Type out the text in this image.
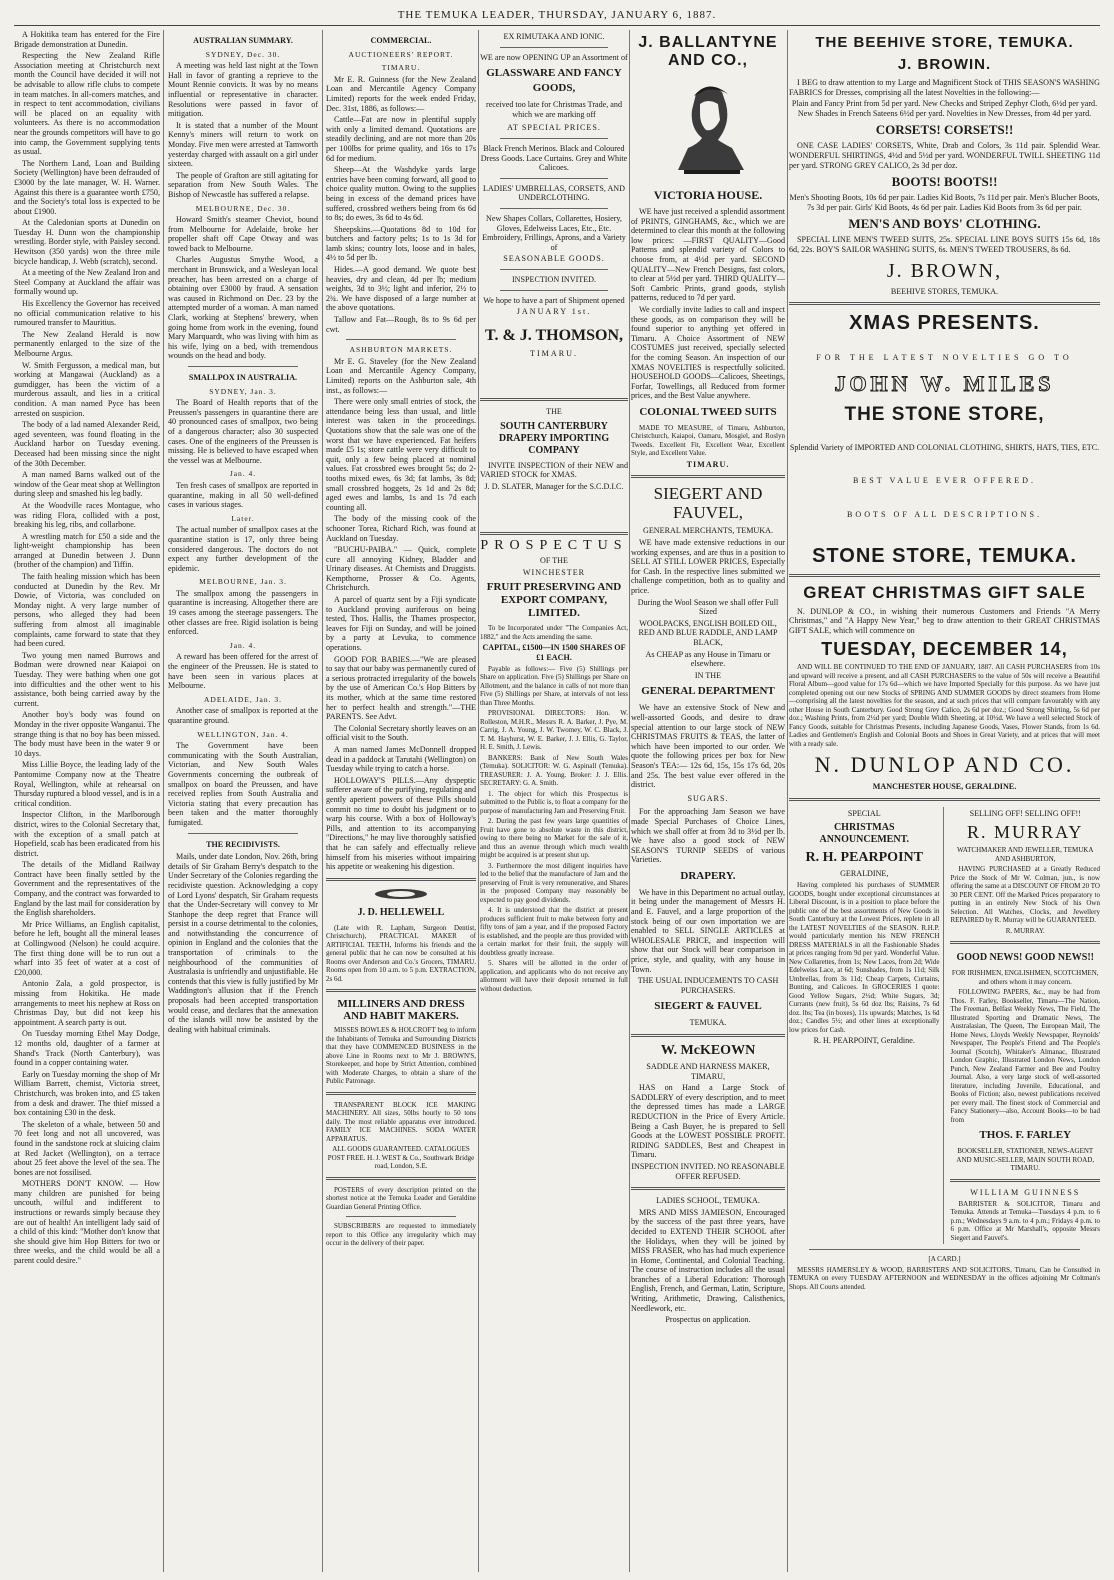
THE TEMUKA LEADER, THURSDAY, JANUARY 6, 1887.

A Hokitika team has entered for the Fire Brigade demonstration at Dunedin.

Respecting the New Zealand Rifle Association meeting at Christchurch next month the Council have decided it will not be advisable to allow rifle clubs to compete in team matches. In all-comers matches, and in respect to tent accommodation, civilians will be placed on an equality with volunteers. As there is no accommodation near the grounds competitors will have to go into camp, the Government supplying tents as usual.

The Northern Land, Loan and Building Society (Wellington) have been defrauded of £3000 by the late manager, W. H. Warner. Against this there is a guarantee worth £750, and the Society's total loss is expected to be about £1900.

At the Caledonian sports at Dunedin on Tuesday H. Dunn won the championship wrestling. Border style, with Paisley second. Hewitson (350 yards) won the three mile bicycle handicap, J. Webb (scratch), second.

At a meeting of the New Zealand Iron and Steel Company at Auckland the affair was formally wound up.

His Excellency the Governor has received no official communication relative to his rumoured transfer to Mauritius.

The New Zealand Herald is now permanently enlarged to the size of the Melbourne Argus.

W. Smith Fergusson, a medical man, but working at Mangawai (Auckland) as a gumdigger, has been the victim of a murderous assault, and lies in a critical condition. A man named Pyce has been arrested on suspicion.

The body of a lad named Alexander Reid, aged seventeen, was found floating in the Auckland harbor on Tuesday evening. Deceased had been missing since the night of the 30th December.

A man named Barns walked out of the window of the Gear meat shop at Wellington during sleep and smashed his leg badly.

At the Woodville races Montague, who was riding Flora, collided with a post, breaking his leg, ribs, and collarbone.

A wrestling match for £50 a side and the light-weight championship has been arranged at Dunedin between J. Dunn (brother of the champion) and Tiffin.

The faith healing mission which has been conducted at Dunedin by the Rev. Mr Dowie, of Victoria, was concluded on Monday night. A very large number of persons, who alleged they had been suffering from almost all imaginable complaints, came forward to state that they had been cured.

Two young men named Burrows and Bodman were drowned near Kaiapoi on Tuesday. They were bathing when one got into difficulties and the other went to his assistance, both being carried away by the current.

Another boy's body was found on Monday in the river opposite Wanganui. The strange thing is that no boy has been missed. The body must have been in the water 9 or 10 days.

Miss Lillie Boyce, the leading lady of the Pantomime Company now at the Theatre Royal, Wellington, while at rehearsal on Thursday ruptured a blood vessel, and is in a critical condition.

Inspector Clifton, in the Marlborough district, wires to the Colonial Secretary that, with the exception of a small patch at Hopefield, scab has been eradicated from his district.

The details of the Midland Railway Contract have been finally settled by the Government and the representatives of the Company, and the contract was forwarded to England by the last mail for consideration by the English shareholders.

Mr Price Williams, an English capitalist, before he left, bought all the mineral leases at Collingwood (Nelson) he could acquire. The first thing done will be to run out a wharf into 35 feet of water at a cost of £20,000.

Antonio Zala, a gold prospector, is missing from Hokitika. He made arrangements to meet his nephew at Ross on Christmas Day, but did not keep his appointment. A search party is out.

On Tuesday morning Ethel May Dodge, 12 months old, daughter of a farmer at Shand's Track (North Canterbury), was found in a copper containing water.

Early on Tuesday morning the shop of Mr William Barrett, chemist, Victoria street, Christchurch, was broken into, and £5 taken from a desk and drawer. The thief missed a box containing £30 in the desk.

The skeleton of a whale, between 50 and 70 feet long and not all uncovered, was found in the sandstone rock at sluicing claim at Red Jacket (Wellington), on a terrace about 25 feet above the level of the sea. The bones are not fossilised.

MOTHERS DON'T KNOW. — How many children are punished for being uncouth, wilful and indifferent to instructions or rewards simply because they are out of health! An intelligent lady said of a child of this kind: "Mother don't know that she should give him Hop Bitters for two or three weeks, and the child would be all a parent could desire."

AUSTRALIAN SUMMARY.
SYDNEY, Dec. 30.

A meeting was held last night at the Town Hall in favor of granting a reprieve to the Mount Rennie convicts. It was by no means influential or representative in character. Resolutions were passed in favor of mitigation.

It is stated that a number of the Mount Kenny's miners will return to work on Monday. Five men were arrested at Tamworth yesterday charged with assault on a girl under sixteen.

The people of Grafton are still agitating for separation from New South Wales. The Bishop of Newcastle has suffered a relapse.

MELBOURNE, Dec. 30.

Howard Smith's steamer Cheviot, bound from Melbourne for Adelaide, broke her propeller shaft off Cape Otway and was towed back to Melbourne.

Charles Augustus Smythe Wood, a merchant in Brunswick, and a Wesleyan local preacher, has been arrested on a charge of obtaining over £3000 by fraud. A sensation was caused in Richmond on Dec. 23 by the attempted murder of a woman. A man named Clark, working at Stephens' brewery, when going home from work in the evening, found Mary Marquardt, who was living with him as his wife, lying on a bed, with tremendous wounds on the head and body.

SMALLPOX IN AUSTRALIA.
SYDNEY, Jan. 3.

The Board of Health reports that of the Preussen's passengers in quarantine there are 40 pronounced cases of smallpox, two being of a dangerous character; also 30 suspected cases. One of the engineers of the Preussen is missing. He is believed to have escaped when the vessel was at Melbourne.

Jan. 4.

Ten fresh cases of smallpox are reported in quarantine, making in all 50 well-defined cases in various stages.

Later.

The actual number of smallpox cases at the quarantine station is 17, only three being considered dangerous. The doctors do not expect any further development of the epidemic.

MELBOURNE, Jan. 3.

The smallpox among the passengers in quarantine is increasing. Altogether there are 19 cases among the steerage passengers. The other classes are free. Rigid isolation is being enforced.

Jan. 4.

A reward has been offered for the arrest of the engineer of the Preussen. He is stated to have been seen in various places at Melbourne.

ADELAIDE, Jan. 3.

Another case of smallpox is reported at the quarantine ground.

WELLINGTON, Jan. 4.

The Government have been communicating with the South Australian, Victorian, and New South Wales Governments concerning the outbreak of smallpox on board the Preussen, and have received replies from South Australia and Victoria stating that every precaution has been taken and the matter thoroughly fumigated.

THE RECIDIVISTS.

Mails, under date London, Nov. 26th, bring details of Sir Graham Berry's despatch to the Under Secretary of the Colonies regarding the recidiviste question. Acknowledging a copy of Lord Lyons' despatch, Sir Graham requests that the Under-Secretary will convey to Mr Stanhope the deep regret that France will persist in a course detrimental to the colonies, and notwithstanding the concurrence of opinion in England and the colonies that the transportation of criminals to the neighbourhood of the communities of Australasia is unfriendly and unjustifiable. He contends that this view is fully justified by Mr Waddington's allusion that if the French proposals had been accepted transportation would cease, and declares that the annexation of the islands will now be assisted by the dealing with habitual criminals.

COMMERCIAL.
AUCTIONEERS' REPORT.
TIMARU.

Mr E. R. Guinness (for the New Zealand Loan and Mercantile Agency Company Limited) reports for the week ended Friday, Dec. 31st, 1886, as follows:—

Cattle—Fat are now in plentiful supply with only a limited demand. Quotations are steadily declining, and are not more than 20s per 100lbs for prime quality, and 16s to 17s 6d for medium.

Sheep—At the Washdyke yards large entries have been coming forward, all good to choice quality mutton. Owing to the supplies being in excess of the demand prices have suffered, crossbred wethers being from 6s 6d to 8s; do ewes, 3s 6d to 4s 6d.

Sheepskins.—Quotations 8d to 10d for butchers and factory pelts; 1s to 1s 3d for lamb skins; country lots, loose and in bales, 4½ to 5d per lb.

Hides.—A good demand. We quote best heavies, dry and clean, 4d per lb; medium weights, 3d to 3½; light and inferior, 2½ to 2¾. We have disposed of a large number at the above quotations.

Tallow and Fat—Rough, 8s to 9s 6d per cwt.

ASHBURTON MARKETS.

Mr E. G. Staveley (for the New Zealand Loan and Mercantile Agency Company, Limited) reports on the Ashburton sale, 4th inst., as follows:—

There were only small entries of stock, the attendance being less than usual, and little interest was taken in the proceedings. Quotations show that the sale was one of the worst that we have experienced. Fat heifers made £5 1s; store cattle were very difficult to quit, only a few being placed at nominal values. Fat crossbred ewes brought 5s; do 2-tooths mixed ewes, 6s 3d; fat lambs, 3s 8d; small crossbred hoggets, 2s 1d and 2s 8d; aged ewes and lambs, 1s and 1s 7d each counting all.

The body of the missing cook of the schooner Torea, Richard Rich, was found at Auckland on Tuesday.

"BUCHU-PAIBA." — Quick, complete cure all annoying Kidney, Bladder and Urinary diseases. At Chemists and Druggists. Kempthorne, Prosser & Co. Agents, Christchurch.

A parcel of quartz sent by a Fiji syndicate to Auckland proving auriferous on being tested, Thos. Hallis, the Thames prospector, leaves for Fiji on Sunday, and will be joined by a party at Levuka, to commence operations.

GOOD FOR BABIES.—"We are pleased to say that our baby was permanently cured of a serious protracted irregularity of the bowels by the use of American Co.'s Hop Bitters by its mother, which at the same time restored her to perfect health and strength."—THE PARENTS. See Advt.

The Colonial Secretary shortly leaves on an official visit to the South.

A man named James McDonnell dropped dead in a paddock at Tarutahi (Wellington) on Tuesday while trying to catch a horse.

HOLLOWAY'S PILLS.—Any dyspeptic sufferer aware of the purifying, regulating and gently aperient powers of these Pills should commit no time to doubt his judgment or to warp his course. With a box of Holloway's Pills, and attention to its accompanying "Directions," he may live thoroughly satisfied that he can safely and effectually relieve himself from his miseries without impairing his appetite or weakening his digestion.

J. D. HELLEWELL

(Late with R. Lapham, Surgeon Dentist, Christchurch), PRACTICAL MAKER of ARTIFICIAL TEETH, Informs his friends and the general public that he can now be consulted at his Rooms over Anderson and Co.'s Grocers, TIMARU. Rooms open from 10 a.m. to 5 p.m. EXTRACTION, 2s 6d.

MILLINERS AND DRESS AND HABIT MAKERS.

MISSES BOWLES & HOLCROFT beg to inform the Inhabitants of Temuka and Surrounding Districts that they have COMMENCED BUSINESS in the above Line in Rooms next to Mr J. BROWN'S, Storekeeper, and hope by Strict Attention, combined with Moderate Charges, to obtain a share of the Public Patronage.

TRANSPARENT BLOCK ICE MAKING MACHINERY. All sizes, 50lbs hourly to 50 tons daily. The most reliable apparatus ever introduced. FAMILY ICE MACHINES. SODA WATER APPARATUS.

ALL GOODS GUARANTEED. CATALOGUES POST FREE. H. J. WEST & Co., Southwark Bridge road, London, S.E.

POSTERS of every description printed on the shortest notice at the Temuka Leader and Geraldine Guardian General Printing Office.

SUBSCRIBERS are requested to immediately report to this Office any irregularity which may occur in the delivery of their paper.

EX RIMUTAKA AND IONIC.

WE are now OPENING UP an Assortment of

GLASSWARE AND FANCY GOODS,

received too late for Christmas Trade, and which we are marking off

AT SPECIAL PRICES.

Black French Merinos. Black and Coloured Dress Goods. Lace Curtains. Grey and White Calicoes.

LADIES' UMBRELLAS, CORSETS, AND UNDERCLOTHING.

New Shapes Collars, Collarettes, Hosiery, Gloves, Edelweiss Laces, Etc., Etc. Embroidery, Frillings, Aprons, and a Variety of

SEASONABLE GOODS.
INSPECTION INVITED.

We hope to have a part of Shipment opened

JANUARY 1st.
T. & J. THOMSON,
TIMARU.
THE
SOUTH CANTERBURY DRAPERY IMPORTING COMPANY

INVITE INSPECTION of their NEW and VARIED STOCK for XMAS.

J. D. SLATER, Manager for the S.C.D.I.C.

PROSPECTUS
OF THE
WINCHESTER
FRUIT PRESERVING AND EXPORT COMPANY, LIMITED.

To be Incorporated under "The Companies Act, 1882," and the Acts amending the same.

CAPITAL, £1500—IN 1500 SHARES OF £1 EACH.

Payable as follows:— Five (5) Shillings per Share on application. Five (5) Shillings per Share on Allotment, and the balance in calls of not more than Five (5) Shillings per Share, at intervals of not less than Three Months.

PROVISIONAL DIRECTORS: Hon. W. Rolleston, M.H.R., Messrs R. A. Barker, J. Pye, M. Carrig, J. A. Young, J. W. Twomey, W. C. Black, J. T. M. Hayhurst, W. E. Barker, J. J. Ellis, G. Taylor, H. E. Smith, J. Lewis.

BANKERS: Bank of New South Wales (Temuka). SOLICITOR: W. G. Aspinall (Temuka). TREASURER: J. A. Young. Broker: J. J. Ellis. SECRETARY: G. A. Smith.

1. The object for which this Prospectus is submitted to the Public is, to float a company for the purpose of manufacturing Jam and Preserving Fruit.

2. During the past few years large quantities of Fruit have gone to absolute waste in this district, owing to there being no Market for the sale of it, and thus an avenue through which much wealth might be acquired is at present shut up.

3. Furthermore the most diligent inquiries have led to the belief that the manufacture of Jam and the preserving of Fruit is very remunerative, and Shares in the proposed Company may reasonably be expected to pay good dividends.

4. It is understood that the district at present produces sufficient fruit to make between forty and fifty tons of jam a year, and if the proposed Factory is established, and the people are thus provided with a certain market for their fruit, the supply will doubtless greatly increase.

5. Shares will be allotted in the order of application, and applicants who do not receive any allotment will have their deposit returned in full without deduction.

J. BALLANTYNE AND CO.,
VICTORIA HOUSE.

WE have just received a splendid assortment of PRINTS, GINGHAMS, &c., which we are determined to clear this month at the following low prices: —FIRST QUALITY—Good Patterns and splendid variety of Colors to choose from, at 4½d per yard. SECOND QUALITY—New French Designs, fast colors, to clear at 5½d per yard. THIRD QUALITY—Soft Cambric Prints, grand goods, stylish patterns, reduced to 7d per yard.

We cordially invite ladies to call and inspect these goods, as on comparison they will be found superior to anything yet offered in Timaru. A Choice Assortment of NEW COSTUMES just received, specially selected for the coming Season. An inspection of our XMAS NOVELTIES is respectfully solicited. HOUSEHOLD GOODS—Calicoes, Sheetings, Forfar, Towellings, all Reduced from former prices, and the Best Value anywhere.

COLONIAL TWEED SUITS

MADE TO MEASURE, of Timaru, Ashburton, Christchurch, Kaiapoi, Oamaru, Mosgiel, and Roslyn Tweeds. Excellent Fit, Excellent Wear, Excellent Style, and Excellent Value.

TIMARU.
SIEGERT AND FAUVEL,
GENERAL MERCHANTS, TEMUKA.

WE have made extensive reductions in our working expenses, and are thus in a position to SELL AT STILL LOWER PRICES, Especially for Cash. In the respective lines submitted we challenge competition, both as to quality and price.

During the Wool Season we shall offer Full Sized

WOOLPACKS, ENGLISH BOILED OIL, RED AND BLUE RADDLE, AND LAMP BLACK,

As CHEAP as any House in Timaru or elsewhere.

IN THE
GENERAL DEPARTMENT

We have an extensive Stock of New and well-assorted Goods, and desire to draw special attention to our large stock of NEW CHRISTMAS FRUITS & TEAS, the latter of which have been imported to our order. We quote the following prices per box for New Season's TEA:— 12s 6d, 15s, 15s 17s 6d, 20s and 25s. The best value ever offered in the district.

SUGARS.

For the approaching Jam Season we have made Special Purchases of Choice Lines, which we shall offer at from 3d to 3½d per lb. We have also a good stock of NEW SEASON'S TURNIP SEEDS of various Varieties.

DRAPERY.

We have in this Department no actual outlay, it being under the management of Messrs H. and E. Fauvel, and a large proportion of the stock being of our own importation we are enabled to SELL SINGLE ARTICLES at WHOLESALE PRICE, and inspection will show that our Stock will bear comparison in price, style, and quality, with any house in Town.

THE USUAL INDUCEMENTS TO CASH PURCHASERS.

SIEGERT & FAUVEL
TEMUKA.
W. McKEOWN
SADDLE AND HARNESS MAKER, TIMARU,

HAS on Hand a Large Stock of SADDLERY of every description, and to meet the depressed times has made a LARGE REDUCTION in the Price of Every Article. Being a Cash Buyer, he is prepared to Sell Goods at the LOWEST POSSIBLE PROFIT. RIDING SADDLES, Best and Cheapest in Timaru.

INSPECTION INVITED. NO REASONABLE OFFER REFUSED.

LADIES SCHOOL, TEMUKA.

MRS AND MISS JAMIESON, Encouraged by the success of the past three years, have decided to EXTEND THEIR SCHOOL after the Holidays, when they will be joined by MISS FRASER, who has had much experience in Home, Continental, and Colonial Teaching. The course of instruction includes all the usual branches of a Liberal Education: Thorough English, French, and German, Latin, Scripture, Writing, Arithmetic, Drawing, Calisthenics, Needlework, etc.

Prospectus on application.
THE BEEHIVE STORE, TEMUKA.
J. BROWIN.

I BEG to draw attention to my Large and Magnificent Stock of THIS SEASON'S WASHING FABRICS for Dresses, comprising all the latest Novelties in the following:—

Plain and Fancy Print from 5d per yard. New Checks and Striped Zephyr Cloth, 6½d per yard. New Shades in French Sateens 6½d per yard. Novelties in New Dresses, from 4d per yard.

CORSETS! CORSETS!!

ONE CASE LADIES' CORSETS, White, Drab and Colors, 3s 11d pair. Splendid Wear. WONDERFUL SHIRTINGS, 4½d and 5½d per yard. WONDERFUL TWILL SHEETING 11d per yard. STRONG GREY CALICO, 2s 3d per doz.

BOOTS! BOOTS!!

Men's Shooting Boots, 10s 6d per pair. Ladies Kid Boots, 7s 11d per pair. Men's Blucher Boots, 7s 3d per pair. Girls' Kid Boots, 4s 6d per pair. Ladies Kid Boots from 3s 6d per pair.

MEN'S AND BOYS' CLOTHING.

SPECIAL LINE MEN'S TWEED SUITS, 25s. SPECIAL LINE BOYS SUITS 15s 6d, 18s 6d, 22s. BOY'S SAILOR WASHING SUITS, 6s. MEN'S TWEED TROUSERS, 8s 6d.

J. BROWN,
BEEHIVE STORES, TEMUKA.
XMAS PRESENTS.
FOR THE LATEST NOVELTIES GO TO
JOHN W. MILES
THE STONE STORE,

Splendid Variety of IMPORTED AND COLONIAL CLOTHING, SHIRTS, HATS, TIES, ETC.

BEST VALUE EVER OFFERED.
BOOTS OF ALL DESCRIPTIONS.
STONE STORE, TEMUKA.
GREAT CHRISTMAS GIFT SALE

N. DUNLOP & CO., in wishing their numerous Customers and Friends "A Merry Christmas," and "A Happy New Year," beg to draw attention to their GREAT CHRISTMAS GIFT SALE, which will commence on

TUESDAY, DECEMBER 14,

AND WILL BE CONTINUED TO THE END OF JANUARY, 1887. All CASH PURCHASERS from 10s and upward will receive a present, and all CASH PURCHASERS to the value of 50s will receive a Beautiful Floral Album—good value for 17s 6d—which we have Imported Specially for this purpose. As we have just completed opening out our new Stocks of SPRING AND SUMMER GOODS by direct steamers from Home—comprising all the latest novelties for the season, and at such prices that will compare favourably with any other House in South Canterbury. Good Strong Grey Calico, 2s 6d per doz.; Good Strong Shirting, 5s 6d per doz.; Washing Prints, from 2½d per yard; Double Width Sheeting, at 10½d. We have a well selected Stock of Fancy Goods, suitable for Christmas Presents, including Japanese Goods, Vases, Flower Stands, from 1s 6d. Ladies and Gentlemen's English and Colonial Boots and Shoes in Great Variety, and at prices that will meet with a ready sale.

N. DUNLOP AND CO.
MANCHESTER HOUSE, GERALDINE.
SPECIAL
CHRISTMAS ANNOUNCEMENT.
R. H. PEARPOINT
GERALDINE,

Having completed his purchases of SUMMER GOODS, bought under exceptional circumstances at Liberal Discount, is in a position to place before the public one of the best assortments of New Goods in South Canterbury at the Lowest Prices, replete in all the LATEST NOVELTIES of the SEASON. R.H.P. would particularly mention his NEW FRENCH DRESS MATERIALS in all the Fashionable Shades at prices ranging from 9d per yard. Wonderful Value. New Collarettes, from 1s; New Laces, from 2d; Wide Edelweiss Lace, at 6d; Sunshades, from 1s 11d; Silk Umbrellas, from 3s 11d; Cheap Carpets, Curtains, Bunting, and Calicoes. In GROCERIES I quote: Good Yellow Sugars, 2½d; White Sugars, 3d; Currants (new fruit), 5s 6d doz lbs; Raisins, 7s 6d doz. lbs; Tea (in boxes), 11s upwards; Matches, 1s 6d doz.; Candles 5½; and other lines at exceptionally low prices for Cash.

R. H. PEARPOINT, Geraldine.
SELLING OFF! SELLING OFF!!
R. MURRAY
WATCHMAKER AND JEWELLER, TEMUKA AND ASHBURTON,

HAVING PURCHASED at a Greatly Reduced Price the Stock of Mr W. Colman, jun., is now offering the same at a DISCOUNT OF FROM 20 TO 30 PER CENT. Off the Marked Prices preparatory to putting in an entirely New Stock of his Own Selection. All Watches, Clocks, and Jewellery REPAIRED by R. Murray will be GUARANTEED.

R. MURRAY.
GOOD NEWS! GOOD NEWS!!
FOR IRISHMEN, ENGLISHMEN, SCOTCHMEN, and others whom it may concern.

FOLLOWING PAPERS, &c., may be had from Thos. F. Farley, Bookseller, Timaru—The Nation, The Freeman, Belfast Weekly News, The Field, The Illustrated Sporting and Dramatic News, The Australasian, The Queen, The European Mail, The Home News, Lloyds Weekly Newspaper, Reynolds' Newspaper, The People's Friend and The People's Journal (Scotch), Whitaker's Almanac, Illustrated London Graphic, Illustrated London News, London Punch, New Zealand Farmer and Bee and Poultry Journal. Also, a very large stock of well-assorted literature, including Juvenile, Educational, and Books of Fiction; also, newest publications received per every mail. The finest stock of Commercial and Fancy Stationery—also, Account Books—to be had from

THOS. F. FARLEY
BOOKSELLER, STATIONER, NEWS-AGENT AND MUSIC-SELLER, MAIN SOUTH ROAD, TIMARU.
WILLIAM GUINNESS

BARRISTER & SOLICITOR, Timaru and Temuka. Attends at Temuka—Tuesdays 4 p.m. to 6 p.m.; Wednesdays 9 a.m. to 4 p.m.; Fridays 4 p.m. to 6 p.m. Office at Mr Marshall's, opposite Messrs Siegert and Fauvel's.

[A CARD.]

MESSRS HAMERSLEY & WOOD, BARRISTERS AND SOLICITORS, Timaru, Can be Consulted in TEMUKA on every TUESDAY AFTERNOON and WEDNESDAY in the offices adjoining Mr Coltman's Shops. All Courts attended.
